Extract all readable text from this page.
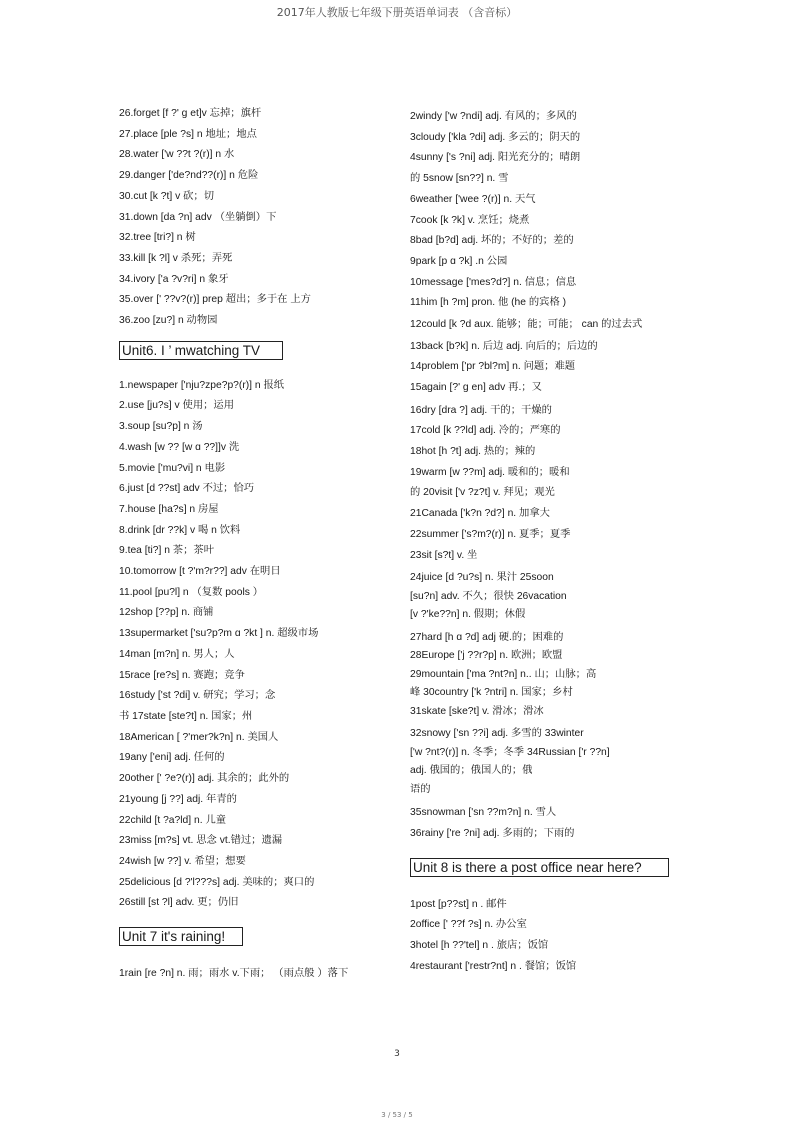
2017年人教版七年级下册英语单词表 （含音标）
26.forget [f ?' ɡ et]v 忘掉；旗杆
27.place [ple ?s] n 地址；地点
28.water ['w ??t ?(r)] n 水
29.danger ['de?nd??(r)] n 危险
30.cut [k ?t] v 砍；切
31.down [da ?n] adv （坐躺倒）下
32.tree [tri?] n 树
33.kill [k ?l] v 杀死；弄死
34.ivory ['a ?v?ri] n 象牙
35.over [' ??v?(r)] prep 超出；多于在 上方
36.zoo [zu?] n 动物园
Unit6. I ’ mwatching TV
1.newspaper ['nju?zpe?p?(r)] n 报纸
2.use [ju?s] v 使用；运用
3.soup [su?p] n 汤
4.wash [w ?? [w ɑ ??]]v 洗
5.movie ['mu?vi] n 电影
6.just [d ??st] adv 不过；恰巧
7.house [ha?s] n 房屋
8.drink [dr ??k] v 喝 n 饮料
9.tea [ti?] n 茶；茶叶
10.tomorrow [t ?'m?r??] adv 在明日
11.pool [pu?l] n （复数 pools ）
12shop [??p] n. 商铺
13supermarket ['su?p?m ɑ ?kt ] n. 超级市场
14man [m?n] n. 男人；人
15race [re?s] n. 赛跑；竞争
16study ['st ?di] v. 研究；学习；念
书 17state [ste?t] n. 国家；州
18American [ ?'mer?k?n] n. 美国人
19any ['eni] adj. 任何的
20other [' ?e?(r)] adj. 其余的；此外的
21young [j ??] adj. 年青的
22child [t ?a?ld] n. 儿童
23miss [m?s] vt. 思念 vt.错过；遗漏
24wish [w ??] v. 希望；想要
25delicious [d ?'l???s] adj. 美味的；爽口的
26still [st ?l] adv. 更；仍旧
Unit 7 it's raining!
1rain [re ?n] n. 雨；雨水 v.下雨； （雨点般 ）落下
2windy ['w ?ndi] adj. 有风的；多风的
3cloudy ['kla ?di] adj. 多云的；阴天的
4sunny ['s ?ni] adj. 阳光充分的；晴朗
的 5snow [sn??] n. 雪
6weather ['wee ?(r)] n. 天气
7cook [k ?k] v. 烹饪；烧煮
8bad [b?d] adj. 坏的；不好的；差的
9park [p ɑ ?k] .n 公园
10message ['mes?d?] n. 信息；信息
11him [h ?m] pron. 他 (he 的宾格 )
12could [k ?d aux. 能够；能；可能； can 的过去式
13back [b?k] n. 后边 adj. 向后的；后边的
14problem ['pr ?bl?m] n. 问题；难题
15again [?' ɡ en] adv 再.；又
16dry [dra ?] adj. 干的；干燥的
17cold [k ??ld] adj. 冷的；严寒的
18hot [h ?t] adj. 热的；辣的
19warm [w ??m] adj. 暖和的；暖和
的 20visit ['v ?z?t] v. 拜见；观光
21Canada ['k?n ?d?] n. 加拿大
22summer ['s?m?(r)] n. 夏季；夏季
23sit [s?t] v. 坐
24juice [d ?u?s] n. 果汁 25soon
[su?n] adv. 不久；很快 26vacation
[v ?'ke??n] n. 假期；休假
27hard [h ɑ ?d] adj 硬.的；困难的
28Europe ['j ??r?p] n. 欧洲；欧盟
29mountain ['ma ?nt?n] n.. 山；山脉；高
峰 30country ['k ?ntri] n. 国家；乡村
31skate [ske?t] v. 滑冰；滑冰
32snowy ['sn ??i] adj. 多雪的 33winter
['w ?nt?(r)] n. 冬季；冬季 34Russian ['r ??n]
adj. 俄国的；俄国人的；俄
语的
35snowman ['sn ??m?n] n. 雪人
36rainy ['re ?ni] adj. 多雨的；下雨的
Unit 8 is there a post office near here?
1post [p??st] n . 邮件
2office [' ??f ?s] n. 办公室
3hotel [h ??'tel] n . 旅店；饭馆
4restaurant ['restr?nt] n . 餐馆；饭馆
3
3 / 53 / 5
